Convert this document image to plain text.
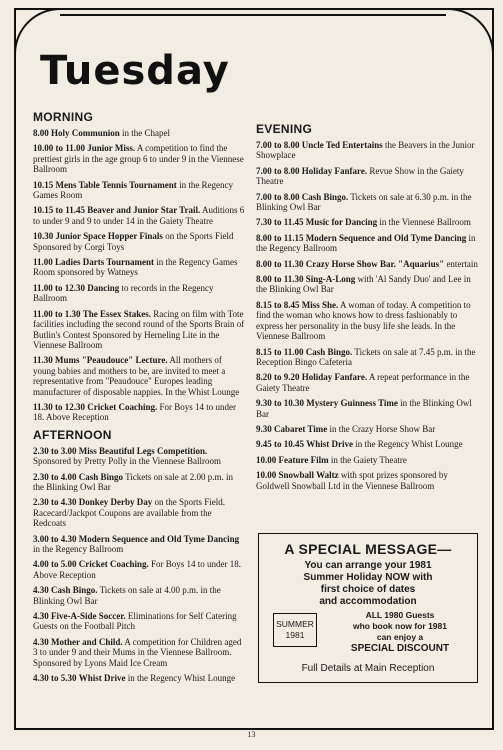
Tuesday
MORNING
8.00 Holy Communion in the Chapel
10.00 to 11.00 Junior Miss. A competition to find the prettiest girls in the age group 6 to under 9 in the Viennese Ballroom
10.15 Mens Table Tennis Tournament in the Regency Games Room
10.15 to 11.45 Beaver and Junior Star Trail. Auditions 6 to under 9 and 9 to under 14 in the Gaiety Theatre
10.30 Junior Space Hopper Finals on the Sports Field Sponsored by Corgi Toys
11.00 Ladies Darts Tournament in the Regency Games Room sponsored by Watneys
11.00 to 12.30 Dancing to records in the Regency Ballroom
11.00 to 1.30 The Essex Stakes. Racing on film with Tote facilities including the second round of the Sports Brain of Butlin's Contest Sponsored by Herneling Lite in the Viennese Ballroom
11.30 Mums "Peaudouce" Lecture. All mothers of young babies and mothers to be, are invited to meet a representative from "Peaudouce" Europes leading manufacturer of disposable nappies. In the Whist Lounge
11.30 to 12.30 Cricket Coaching. For Boys 14 to under 18. Above Reception
AFTERNOON
2.30 to 3.00 Miss Beautiful Legs Competition. Sponsored by Pretty Polly in the Viennese Ballroom
2.30 to 4.00 Cash Bingo Tickets on sale at 2.00 p.m. in the Blinking Owl Bar
2.30 to 4.30 Donkey Derby Day on the Sports Field. Racecard/Jackpot Coupons are available from the Redcoats
3.00 to 4.30 Modern Sequence and Old Tyme Dancing in the Regency Ballroom
4.00 to 5.00 Cricket Coaching. For Boys 14 to under 18. Above Reception
4.30 Cash Bingo. Tickets on sale at 4.00 p.m. in the Blinking Owl Bar
4.30 Five-A-Side Soccer. Eliminations for Self Catering Guests on the Football Pitch
4.30 Mother and Child. A competition for Children aged 3 to under 9 and their Mums in the Viennese Ballroom. Sponsored by Lyons Maid Ice Cream
4.30 to 5.30 Whist Drive in the Regency Whist Lounge
EVENING
7.00 to 8.00 Uncle Ted Entertains the Beavers in the Junior Showplace
7.00 to 8.00 Holiday Fanfare. Revue Show in the Gaiety Theatre
7.00 to 8.00 Cash Bingo. Tickets on sale at 6.30 p.m. in the Blinking Owl Bar
7.30 to 11.45 Music for Dancing in the Viennese Ballroom
8.00 to 11.15 Modern Sequence and Old Tyme Dancing in the Regency Ballroom
8.00 to 11.30 Crazy Horse Show Bar. "Aquarius" entertain
8.00 to 11.30 Sing-A-Long with 'Al Sandy Duo' and Lee in the Blinking Owl Bar
8.15 to 8.45 Miss She. A woman of today. A competition to find the woman who knows how to dress fashionably to express her personality in the busy life she leads. In the Viennese Ballroom
8.15 to 11.00 Cash Bingo. Tickets on sale at 7.45 p.m. in the Reception Bingo Cafeteria
8.20 to 9.20 Holiday Fanfare. A repeat performance in the Gaiety Theatre
9.30 to 10.30 Mystery Guinness Time in the Blinking Owl Bar
9.30 Cabaret Time in the Crazy Horse Show Bar
9.45 to 10.45 Whist Drive in the Regency Whist Lounge
10.00 Feature Film in the Gaiety Theatre
10.00 Snowball Waltz with spot prizes sponsored by Goldwell Snowball Ltd in the Viennese Ballroom
A SPECIAL MESSAGE—
You can arrange your 1981
Summer Holiday NOW with
first choice of dates
and accommodation
SUMMER
1981
ALL 1980 Guests
who book now for 1981
can enjoy a
SPECIAL DISCOUNT
Full Details at Main Reception
13
